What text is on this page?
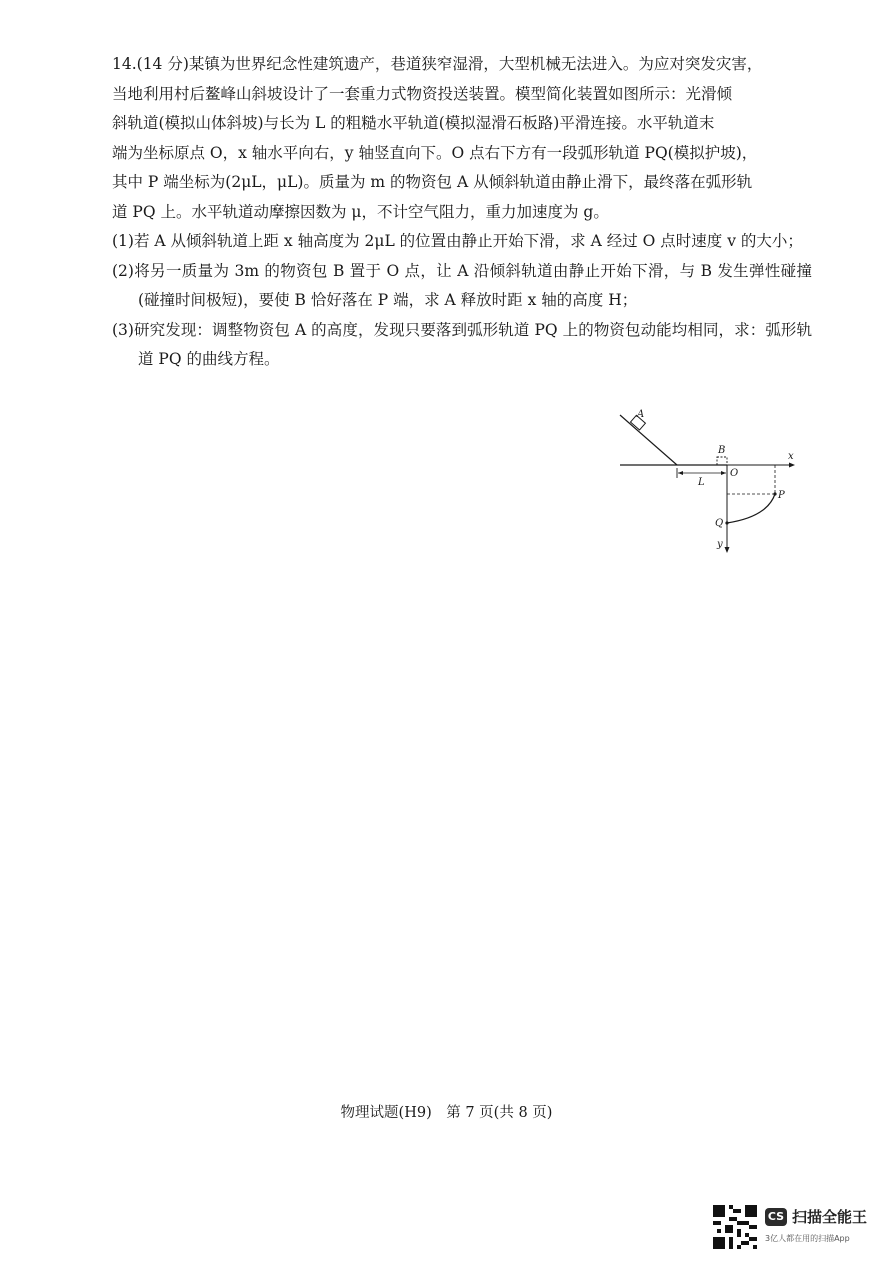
14.(14 分)某镇为世界纪念性建筑遗产，巷道狭窄湿滑，大型机械无法进入。为应对突发灾害，

当地利用村后鳌峰山斜坡设计了一套重力式物资投送装置。模型简化装置如图所示：光滑倾

斜轨道(模拟山体斜坡)与长为 L 的粗糙水平轨道(模拟湿滑石板路)平滑连接。水平轨道末

端为坐标原点 O，x 轴水平向右，y 轴竖直向下。O 点右下方有一段弧形轨道 PQ(模拟护坡)，

其中 P 端坐标为(2μL，μL)。质量为 m 的物资包 A 从倾斜轨道由静止滑下，最终落在弧形轨

道 PQ 上。水平轨道动摩擦因数为 μ，不计空气阻力，重力加速度为 g。

(1)若 A 从倾斜轨道上距 x 轴高度为 2μL 的位置由静止开始下滑，求 A 经过 O 点时速度 v 的大小；

(2)将另一质量为 3m 的物资包 B 置于 O 点，让 A 沿倾斜轨道由静止开始下滑，与 B 发生弹性碰撞(碰撞时间极短)，要使 B 恰好落在 P 端，求 A 释放时距 x 轴的高度 H；

(3)研究发现：调整物资包 A 的高度，发现只要落到弧形轨道 PQ 上的物资包动能均相同，求：弧形轨道 PQ 的曲线方程。

A
x
y
B
O
L
P
Q
物理试题(H9)　第 7 页(共 8 页)
CS 扫描全能王
3亿人都在用的扫描App
